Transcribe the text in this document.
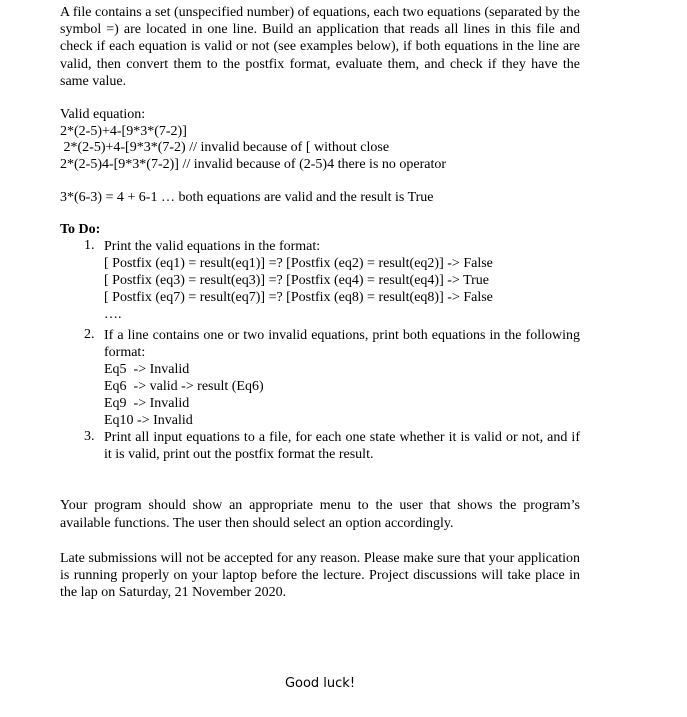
A file contains a set (unspecified number) of equations, each two equations (separated by the symbol =) are located in one line. Build an application that reads all lines in this file and check if each equation is valid or not (see examples below), if both equations in the line are valid, then convert them to the postfix format, evaluate them, and check if they have the same value.

Valid equation:

2*(2-5)+4-[9*3*(7-2)]

2*(2-5)+4-[9*3*(7-2) // invalid because of [ without close

2*(2-5)4-[9*3*(7-2)] // invalid because of (2-5)4 there is no operator

3*(6-3) = 4 + 6-1 … both equations are valid and the result is True

To Do:
1. Print the valid equations in the format:
[ Postfix (eq1) = result(eq1)] =? [Postfix (eq2) = result(eq2)] -> False
[ Postfix (eq3) = result(eq3)] =? [Postfix (eq4) = result(eq4)] -> True
[ Postfix (eq7) = result(eq7)] =? [Postfix (eq8) = result(eq8)] -> False
….
2. If a line contains one or two invalid equations, print both equations in the following format:
Eq5  -> Invalid
Eq6  -> valid -> result (Eq6)
Eq9  -> Invalid
Eq10 -> Invalid
3. Print all input equations to a file, for each one state whether it is valid or not, and if it is valid, print out the postfix format the result.

Your program should show an appropriate menu to the user that shows the program’s available functions. The user then should select an option accordingly.

Late submissions will not be accepted for any reason. Please make sure that your application is running properly on your laptop before the lecture. Project discussions will take place in the lap on Saturday, 21 November 2020.

Good luck!
